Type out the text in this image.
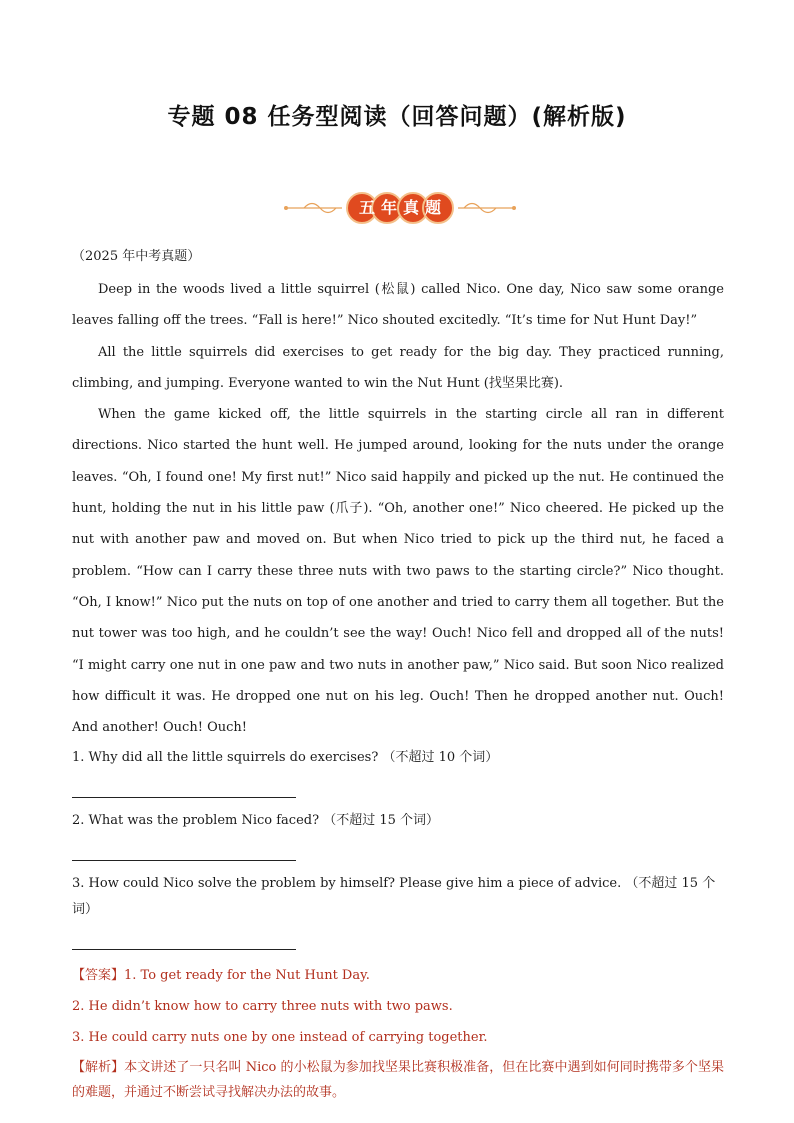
专题 08 任务型阅读（回答问题）(解析版)
五年真题

（2025 年中考真题）

Deep in the woods lived a little squirrel (松鼠) called Nico. One day, Nico saw some orange leaves falling off the trees. “Fall is here!” Nico shouted excitedly. “It’s time for Nut Hunt Day!”

All the little squirrels did exercises to get ready for the big day. They practiced running, climbing, and jumping. Everyone wanted to win the Nut Hunt (找坚果比赛).

When the game kicked off, the little squirrels in the starting circle all ran in different directions. Nico started the hunt well. He jumped around, looking for the nuts under the orange leaves. “Oh, I found one! My first nut!” Nico said happily and picked up the nut. He continued the hunt, holding the nut in his little paw (爪子). “Oh, another one!” Nico cheered. He picked up the nut with another paw and moved on. But when Nico tried to pick up the third nut, he faced a problem. “How can I carry these three nuts with two paws to the starting circle?” Nico thought. “Oh, I know!” Nico put the nuts on top of one another and tried to carry them all together. But the nut tower was too high, and he couldn’t see the way! Ouch! Nico fell and dropped all of the nuts! “I might carry one nut in one paw and two nuts in another paw,” Nico said. But soon Nico realized how difficult it was. He dropped one nut on his leg. Ouch! Then he dropped another nut. Ouch! And another! Ouch! Ouch!

1. Why did all the little squirrels do exercises? （不超过 10 个词）

2. What was the problem Nico faced? （不超过 15 个词）

3. How could Nico solve the problem by himself? Please give him a piece of advice. （不超过 15 个词）

【答案】1. To get ready for the Nut Hunt Day.

2. He didn’t know how to carry three nuts with two paws.

3. He could carry nuts one by one instead of carrying together.

【解析】本文讲述了一只名叫 Nico 的小松鼠为参加找坚果比赛积极准备，但在比赛中遇到如何同时携带多个坚果的难题，并通过不断尝试寻找解决办法的故事。
